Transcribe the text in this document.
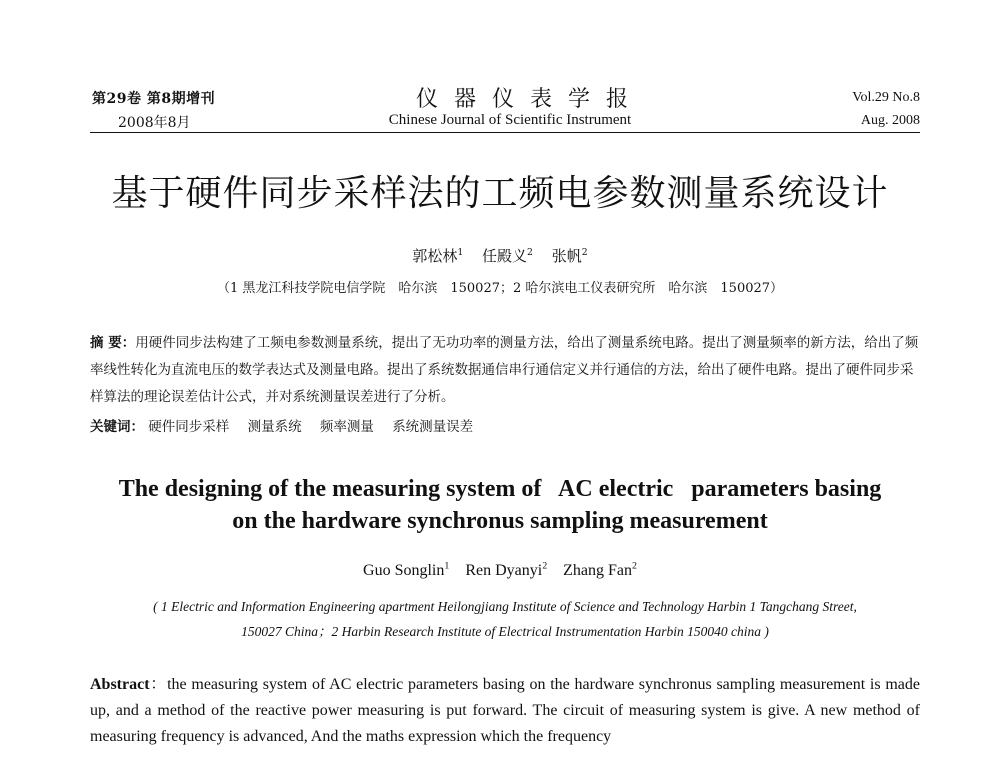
第29卷 第8期增刊
2008年8月
仪器仪表学报
Chinese Journal of Scientific Instrument
Vol.29 No.8
Aug. 2008
基于硬件同步采样法的工频电参数测量系统设计
郭松林$^1$ 任殿义$^2$ 张帆$^2$
（1 黑龙江科技学院电信学院　哈尔滨　150027；2 哈尔滨电工仪表研究所　哈尔滨　150027）
摘 要：用硬件同步法构建了工频电参数测量系统，提出了无功功率的测量方法，给出了测量系统电路。提出了测量频率的新方法，给出了频率线性转化为直流电压的数学表达式及测量电路。提出了系统数据通信串行通信定义并行通信的方法，给出了硬件电路。提出了硬件同步采样算法的理论误差估计公式，并对系统测量误差进行了分析。
关键词： 硬件同步采样 测量系统 频率测量 系统测量误差
The designing of the measuring system of   AC electric   parameters basing
on the hardware synchronus sampling measurement
Guo Songlin$^1$ Ren Dyanyi$^2$ Zhang Fan$^2$
( 1 Electric and Information Engineering apartment Heilongjiang Institute of Science and Technology Harbin 1 Tangchang Street,
150027 China；2 Harbin Research Institute of Electrical Instrumentation Harbin 150040 china )
Abstract：the measuring system of AC electric parameters basing on the hardware synchronus sampling measurement is made up, and a method of the reactive power measuring is put forward. The circuit of measuring system is give. A new method of measuring frequency is advanced, And the maths expression which the frequency
